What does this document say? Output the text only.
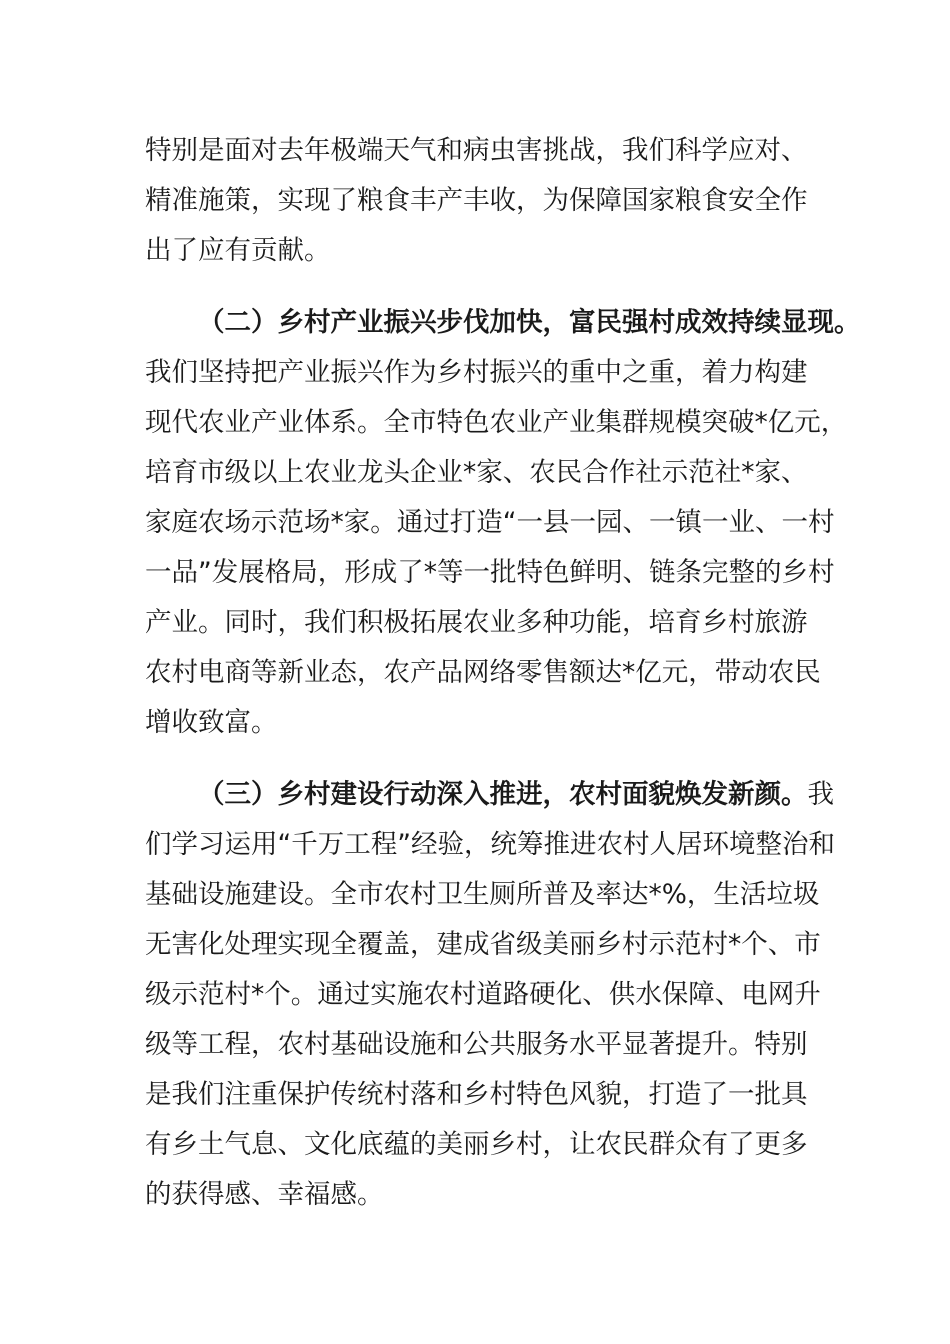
特别是面对去年极端天气和病虫害挑战，我们科学应对、
精准施策，实现了粮食丰产丰收，为保障国家粮食安全作
出了应有贡献。
（二）乡村产业振兴步伐加快，富民强村成效持续显现。
我们坚持把产业振兴作为乡村振兴的重中之重，着力构建
现代农业产业体系。全市特色农业产业集群规模突破*亿元，
培育市级以上农业龙头企业*家、农民合作社示范社*家、
家庭农场示范场*家。通过打造“一县一园、一镇一业、一村
一品”发展格局，形成了*等一批特色鲜明、链条完整的乡村
产业。同时，我们积极拓展农业多种功能，培育乡村旅游
农村电商等新业态，农产品网络零售额达*亿元，带动农民
增收致富。
（三）乡村建设行动深入推进，农村面貌焕发新颜。我
们学习运用“千万工程”经验，统筹推进农村人居环境整治和
基础设施建设。全市农村卫生厕所普及率达*%，生活垃圾
无害化处理实现全覆盖，建成省级美丽乡村示范村*个、市
级示范村*个。通过实施农村道路硬化、供水保障、电网升
级等工程，农村基础设施和公共服务水平显著提升。特别
是我们注重保护传统村落和乡村特色风貌，打造了一批具
有乡土气息、文化底蕴的美丽乡村，让农民群众有了更多
的获得感、幸福感。
